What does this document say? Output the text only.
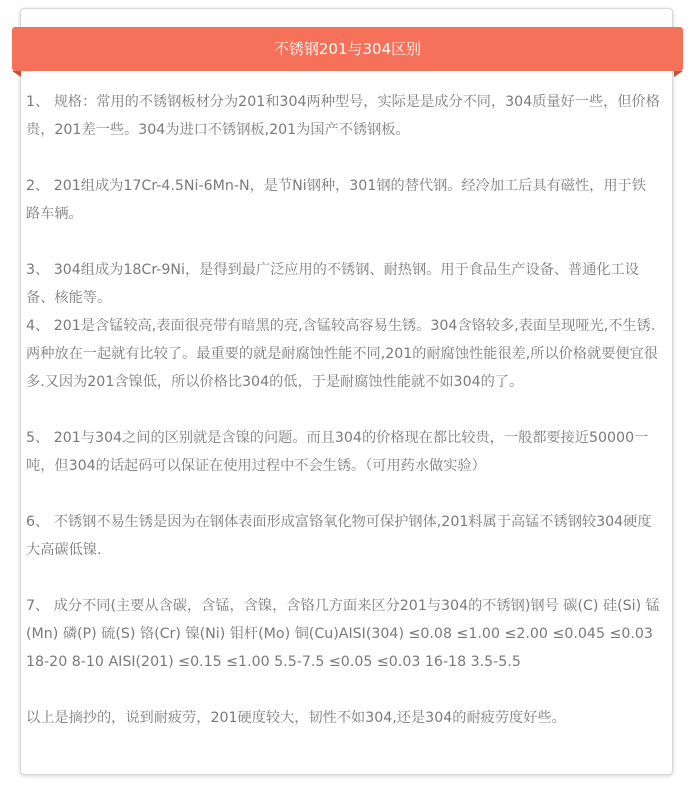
不锈钢201与304区别

1、 规格：常用的不锈钢板材分为201和304两种型号，实际是是成分不同，304质量好一些，但价格贵，201差一些。304为进口不锈钢板,201为国产不锈钢板。

2、 201组成为17Cr-4.5Ni-6Mn-N，是节Ni钢种，301钢的替代钢。经冷加工后具有磁性，用于铁路车辆。

3、 304组成为18Cr-9Ni，是得到最广泛应用的不锈钢、耐热钢。用于食品生产设备、普通化工设备、核能等。

4、 201是含锰较高,表面很亮带有暗黑的亮,含锰较高容易生锈。304含铬较多,表面呈现哑光,不生锈.两种放在一起就有比较了。最重要的就是耐腐蚀性能不同,201的耐腐蚀性能很差,所以价格就要便宜很多.又因为201含镍低，所以价格比304的低，于是耐腐蚀性能就不如304的了。

5、 201与304之间的区别就是含镍的问题。而且304的价格现在都比较贵，一般都要接近50000一吨，但304的话起码可以保证在使用过程中不会生锈。（可用药水做实验）

6、 不锈钢不易生锈是因为在钢体表面形成富铬氧化物可保护钢体,201料属于高锰不锈钢较304硬度大高碳低镍.

7、 成分不同(主要从含碳，含锰，含镍，含铬几方面来区分201与304的不锈钢)钢号 碳(C) 硅(Si) 锰(Mn) 磷(P) 硫(S) 铬(Cr) 镍(Ni) 钼杆(Mo) 铜(Cu)AISI(304) ≤0.08 ≤1.00 ≤2.00 ≤0.045 ≤0.03 18-20 8-10 AISI(201) ≤0.15 ≤1.00 5.5-7.5 ≤0.05 ≤0.03 16-18 3.5-5.5

以上是摘抄的，说到耐疲劳，201硬度较大，韧性不如304,还是304的耐疲劳度好些。
